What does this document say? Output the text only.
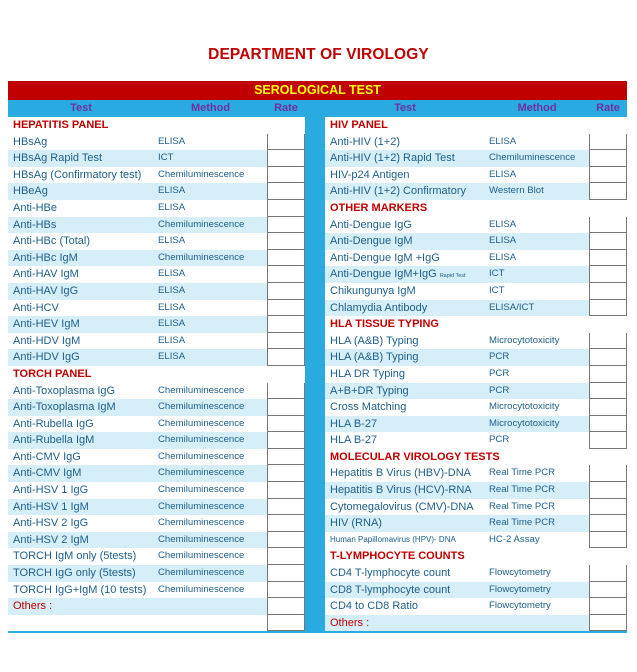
DEPARTMENT OF VIROLOGY
SEROLOGICAL TEST
Test	Method	Rate
HEPATITIS PANEL
HBsAg	ELISA
HBsAg Rapid Test	ICT
HBsAg (Confirmatory test)	Chemiluminescence
HBeAg	ELISA
Anti-HBe	ELISA
Anti-HBs	Chemiluminescence
Anti-HBc (Total)	ELISA
Anti-HBc IgM	Chemiluminescence
Anti-HAV IgM	ELISA
Anti-HAV IgG	ELISA
Anti-HCV	ELISA
Anti-HEV IgM	ELISA
Anti-HDV IgM	ELISA
Anti-HDV IgG	ELISA
TORCH PANEL
Anti-Toxoplasma IgG	Chemiluminescence
Anti-Toxoplasma IgM	Chemiluminescence
Anti-Rubella IgG	Chemiluminescence
Anti-Rubella IgM	Chemiluminescence
Anti-CMV IgG	Chemiluminescence
Anti-CMV IgM	Chemiluminescence
Anti-HSV 1 IgG	Chemiluminescence
Anti-HSV 1 IgM	Chemiluminescence
Anti-HSV 2 IgG	Chemiluminescence
Anti-HSV 2 IgM	Chemiluminescence
TORCH IgM only (5tests)	Chemiluminescence
TORCH IgG only (5tests)	Chemiluminescence
TORCH IgG+IgM (10 tests)	Chemiluminescence
Others :
Test	Method	Rate
HIV PANEL
Anti-HIV (1+2)	ELISA
Anti-HIV (1+2) Rapid Test	Chemiluminescence
HIV-p24 Antigen	ELISA
Anti-HIV (1+2) Confirmatory	Western Blot
OTHER MARKERS
Anti-Dengue IgG	ELISA
Anti-Dengue IgM	ELISA
Anti-Dengue IgM +IgG	ELISA
Anti-Dengue IgM+IgG Rapid Test	ICT
Chikungunya IgM	ICT
Chlamydia Antibody	ELISA/ICT
HLA TISSUE TYPING
HLA (A&B) Typing	Microcytotoxicity
HLA (A&B) Typing	PCR
HLA DR Typing	PCR
A+B+DR Typing	PCR
Cross Matching	Microcytotoxicity
HLA B-27	Microcytotoxicity
HLA B-27	PCR
MOLECULAR VIROLOGY TESTS
Hepatitis B Virus (HBV)-DNA	Real Time PCR
Hepatitis B Virus (HCV)-RNA	Real Time PCR
Cytomegalovirus (CMV)-DNA	Real Time PCR
HIV (RNA)	Real Time PCR
Human Papillomavirus (HPV)- DNA	HC-2 Assay
T-LYMPHOCYTE COUNTS
CD4 T-lymphocyte count	Flowcytometry
CD8 T-lymphocyte count	Flowcytometry
CD4 to CD8 Ratio	Flowcytometry
Others :
